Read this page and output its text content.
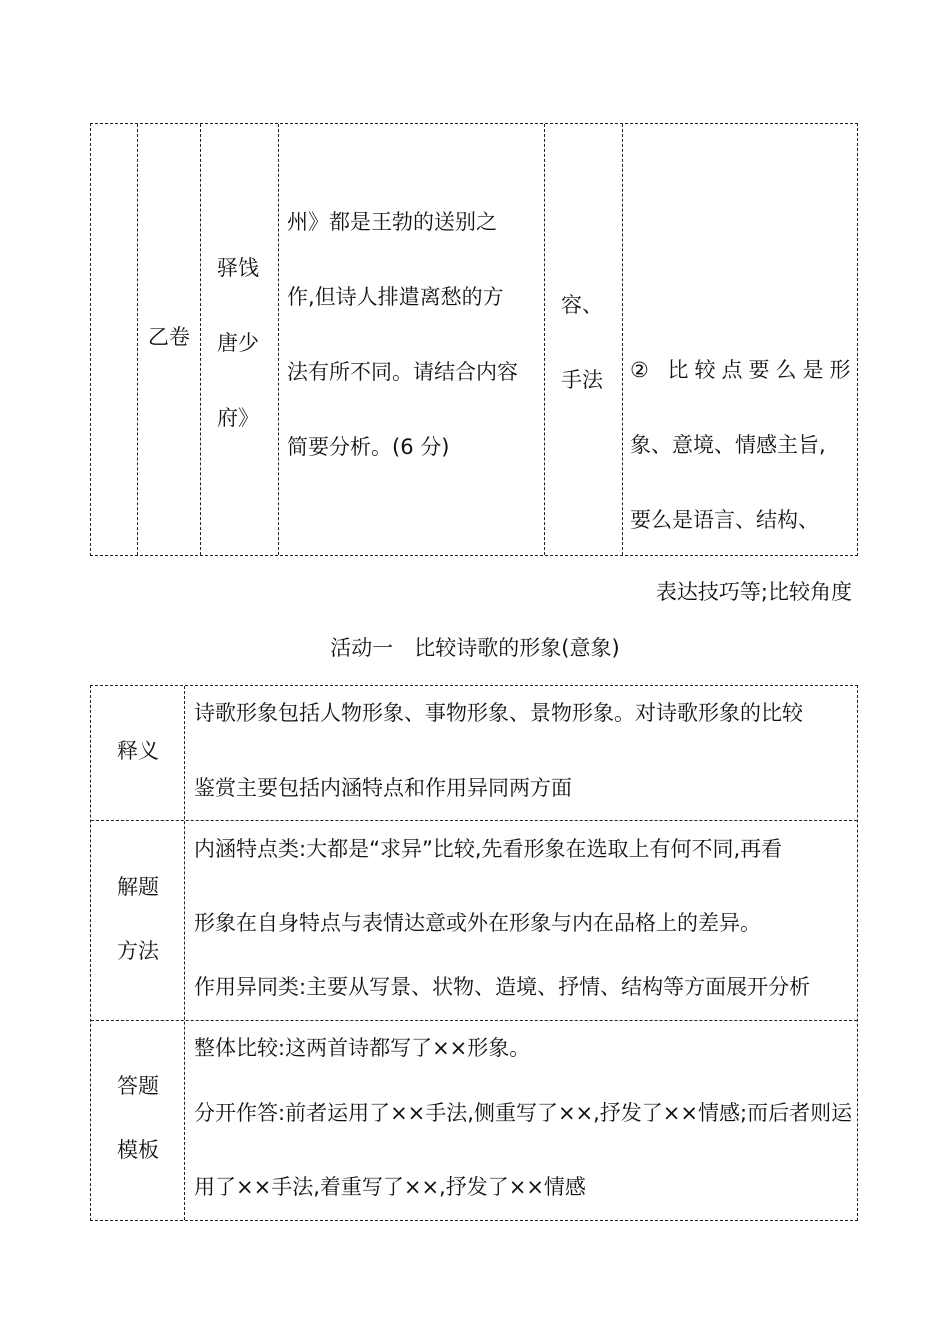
乙卷
驿饯
唐少
府》
州》都是王勃的送别之
作,但诗人排遣离愁的方
法有所不同。请结合内容
简要分析。(6 分)
容、
手法 ② 比较点要么是形
象、意境、情感主旨,
要么是语言、结构、
表达技巧等;比较角度
活动一　比较诗歌的形象(意象)
释义
诗歌形象包括人物形象、事物形象、景物形象。对诗歌形象的比较
鉴赏主要包括内涵特点和作用异同两方面
解题
方法
内涵特点类:大都是“求异”比较,先看形象在选取上有何不同,再看
形象在自身特点与表情达意或外在形象与内在品格上的差异。
作用异同类:主要从写景、状物、造境、抒情、结构等方面展开分析
答题
模板
整体比较:这两首诗都写了××形象。
分开作答:前者运用了××手法,侧重写了××,抒发了××情感;而后者则运
用了××手法,着重写了××,抒发了××情感
